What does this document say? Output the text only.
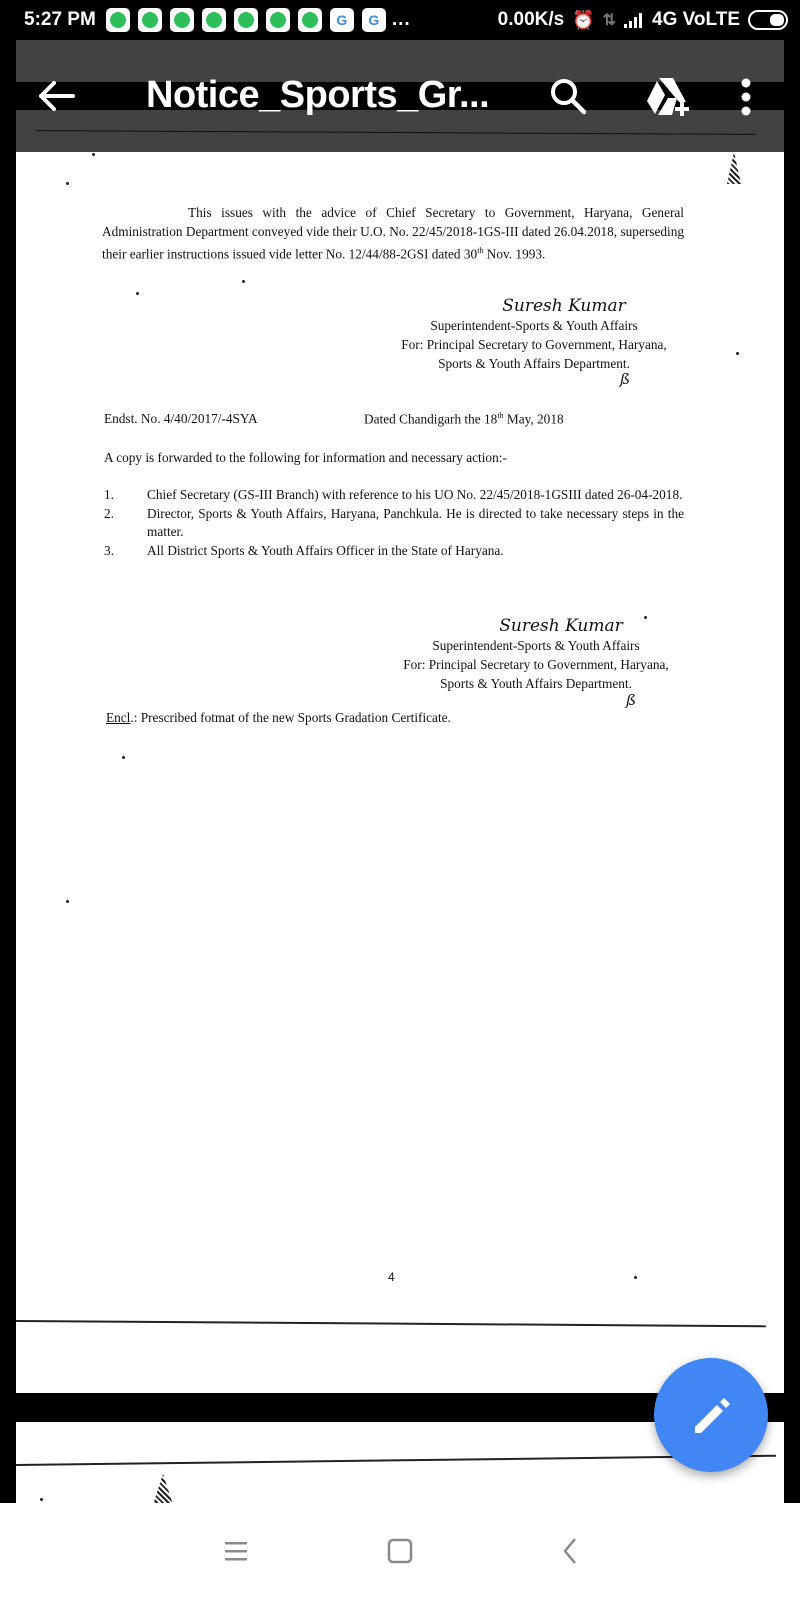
5:27 PM	G G ...	0.00K/s ⏰ ⇅ 4G VoLTE

This issues with the advice of Chief Secretary to Government, Haryana, General Administration Department conveyed vide their U.O. No. 22/45/2018-1GS-III dated 26.04.2018, superseding their earlier instructions issued vide letter No. 12/44/88-2GSI dated 30th Nov. 1993.

Suresh Kumar
Superintendent-Sports & Youth Affairs
For: Principal Secretary to Government, Haryana,
Sports & Youth Affairs Department.
ß
Endst. No. 4/40/2017/-4SYA	Dated Chandigarh the 18th May, 2018
A copy is forwarded to the following for information and necessary action:-
1.	Chief Secretary (GS-III Branch) with reference to his UO No. 22/45/2018-1GSIII dated 26-04-2018.
2.	Director, Sports & Youth Affairs, Haryana, Panchkula. He is directed to take necessary steps in the matter.
3.	All District Sports & Youth Affairs Officer in the State of Haryana.
Suresh Kumar
Superintendent-Sports & Youth Affairs
For: Principal Secretary to Government, Haryana,
Sports & Youth Affairs Department.
ß
Encl.: Prescribed fotmat of the new Sports Gradation Certificate.
4
Notice_Sports_Gr...
